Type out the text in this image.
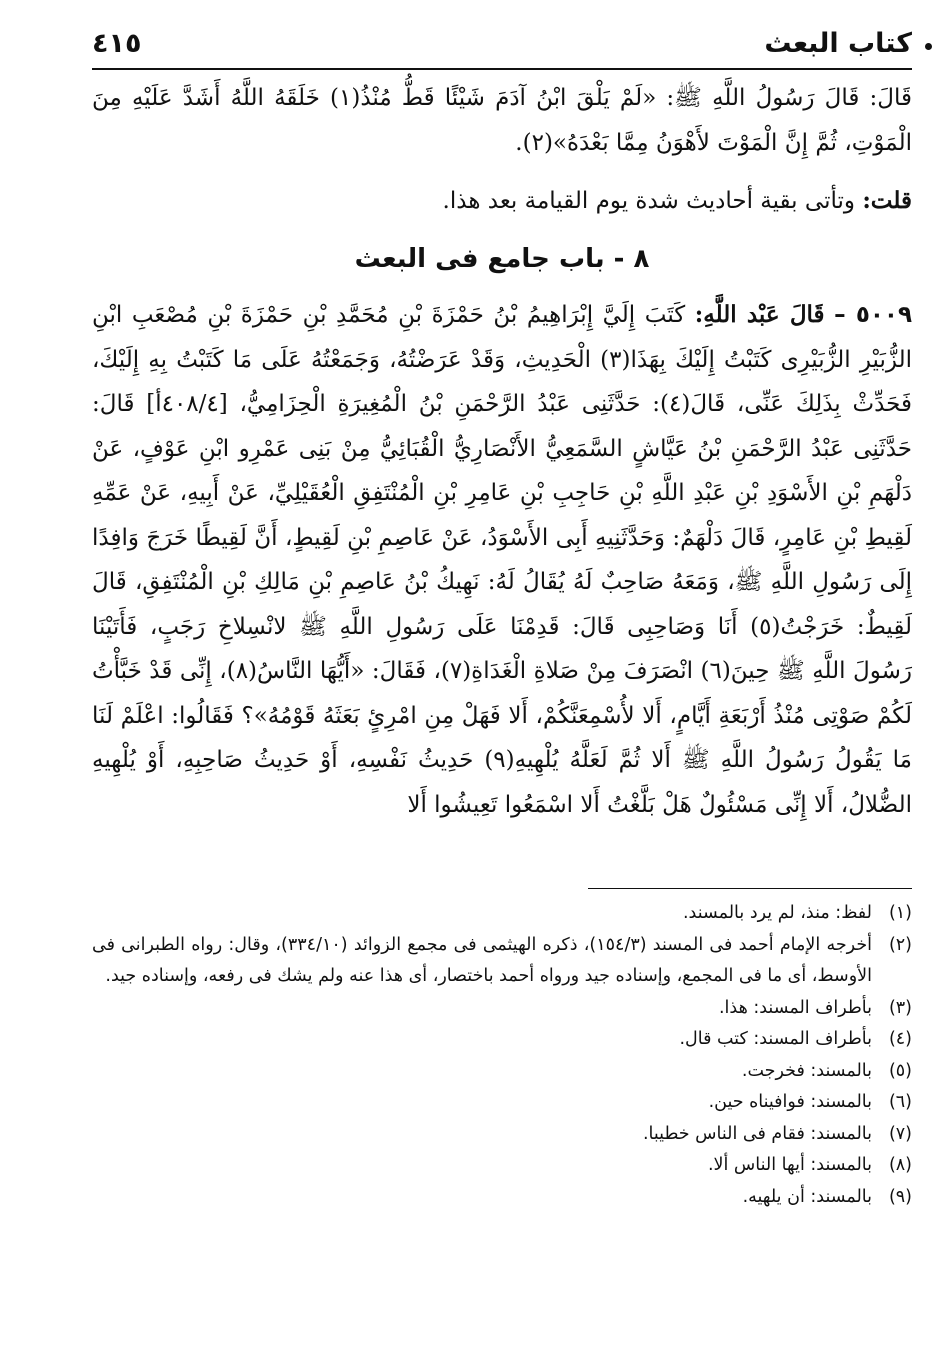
كتاب البعث
٤١٥

قَالَ: قَالَ رَسُولُ اللَّهِ ﷺ: «لَمْ يَلْقَ ابْنُ آدَمَ شَيْئًا قَطُّ مُنْذُ(١) خَلَقَهُ اللَّهُ أَشَدَّ عَلَيْهِ مِنَ الْمَوْتِ، ثُمَّ إِنَّ الْمَوْتَ لأَهْوَنُ مِمَّا بَعْدَهُ»(٢).

قلت: وتأتى بقية أحاديث شدة يوم القيامة بعد هذا.

٨ - باب جامع فى البعث

٥٠٠٩ – قَالَ عَبْد اللَّهِ: كَتَبَ إِلَيَّ إِبْرَاهِيمُ بْنُ حَمْزَةَ بْنِ مُحَمَّدِ بْنِ حَمْزَةَ بْنِ مُصْعَبِ ابْنِ الزُّبَيْرِ الزُّبَيْرِى كَتَبْتُ إِلَيْكَ بِهَذَا(٣) الْحَدِيثِ، وَقَدْ عَرَضْتُهُ، وَجَمَعْتُهُ عَلَى مَا كَتَبْتُ بِهِ إِلَيْكَ، فَحَدِّثْ بِذَلِكَ عَنِّى، قَالَ(٤): حَدَّثَنِى عَبْدُ الرَّحْمَنِ بْنُ الْمُغِيرَةِ الْحِزَامِيُّ، [٤٠٨/٤أ] قَالَ: حَدَّثَنِى عَبْدُ الرَّحْمَنِ بْنُ عَيَّاشٍ السَّمَعِيُّ الأَنْصَارِيُّ الْقُبَائِيُّ مِنْ بَنِى عَمْرِو ابْنِ عَوْفٍ، عَنْ دَلْهَمِ بْنِ الأَسْوَدِ بْنِ عَبْدِ اللَّهِ بْنِ حَاجِبِ بْنِ عَامِرِ بْنِ الْمُنْتَفِقِ الْعُقَيْلِيِّ، عَنْ أَبِيهِ، عَنْ عَمِّهِ لَقِيطِ بْنِ عَامِرٍ، قَالَ دَلْهَمٌ: وَحَدَّثَنِيهِ أَبِى الأَسْوَدُ، عَنْ عَاصِمِ بْنِ لَقِيطٍ، أَنَّ لَقِيطًا خَرَجَ وَافِدًا إِلَى رَسُولِ اللَّهِ ﷺ، وَمَعَهُ صَاحِبٌ لَهُ يُقَالُ لَهُ: نَهِيكُ بْنُ عَاصِمِ بْنِ مَالِكِ بْنِ الْمُنْتَفِقِ، قَالَ لَقِيطٌ: خَرَجْتُ(٥) أَنَا وَصَاحِبِى قَالَ: قَدِمْنَا عَلَى رَسُولِ اللَّهِ ﷺ لانْسِلاخِ رَجَبٍ، فَأَتَيْنَا رَسُولَ اللَّهِ ﷺ حِينَ(٦) انْصَرَفَ مِنْ صَلاةِ الْغَدَاةِ(٧)، فَقَالَ: «أَيُّهَا النَّاسُ(٨)، إِنِّى قَدْ خَبَّأْتُ لَكُمْ صَوْتِى مُنْذُ أَرْبَعَةِ أَيَّامٍ، أَلا لأُسْمِعَنَّكُمْ، أَلا فَهَلْ مِنِ امْرِئٍ بَعَثَهُ قَوْمُهُ»؟ فَقَالُوا: اعْلَمْ لَنَا مَا يَقُولُ رَسُولُ اللَّهِ ﷺ أَلا ثُمَّ لَعَلَّهُ يُلْهِيهِ(٩) حَدِيثُ نَفْسِهِ، أَوْ حَدِيثُ صَاحِبِهِ، أَوْ يُلْهِيهِ الضُّلالُ، أَلا إِنِّى مَسْئُولٌ هَلْ بَلَّغْتُ أَلا اسْمَعُوا تَعِيشُوا أَلا

(١)
لفظ: منذ، لم يرد بالمسند.

(٢)
أخرجه الإمام أحمد فى المسند (١٥٤/٣)، ذكره الهيثمى فى مجمع الزوائد (٣٣٤/١٠)، وقال: رواه الطبرانى فى الأوسط، أى ما فى المجمع، وإسناده جيد ورواه أحمد باختصار، أى هذا عنه ولم يشك فى رفعه، وإسناده جيد.

(٣)
بأطراف المسند: هذا.

(٤)
بأطراف المسند: كتب قال.

(٥)
بالمسند: فخرجت.

(٦)
بالمسند: فوافيناه حين.

(٧)
بالمسند: فقام فى الناس خطيبا.

(٨)
بالمسند: أيها الناس ألا.

(٩)
بالمسند: أن يلهيه.
